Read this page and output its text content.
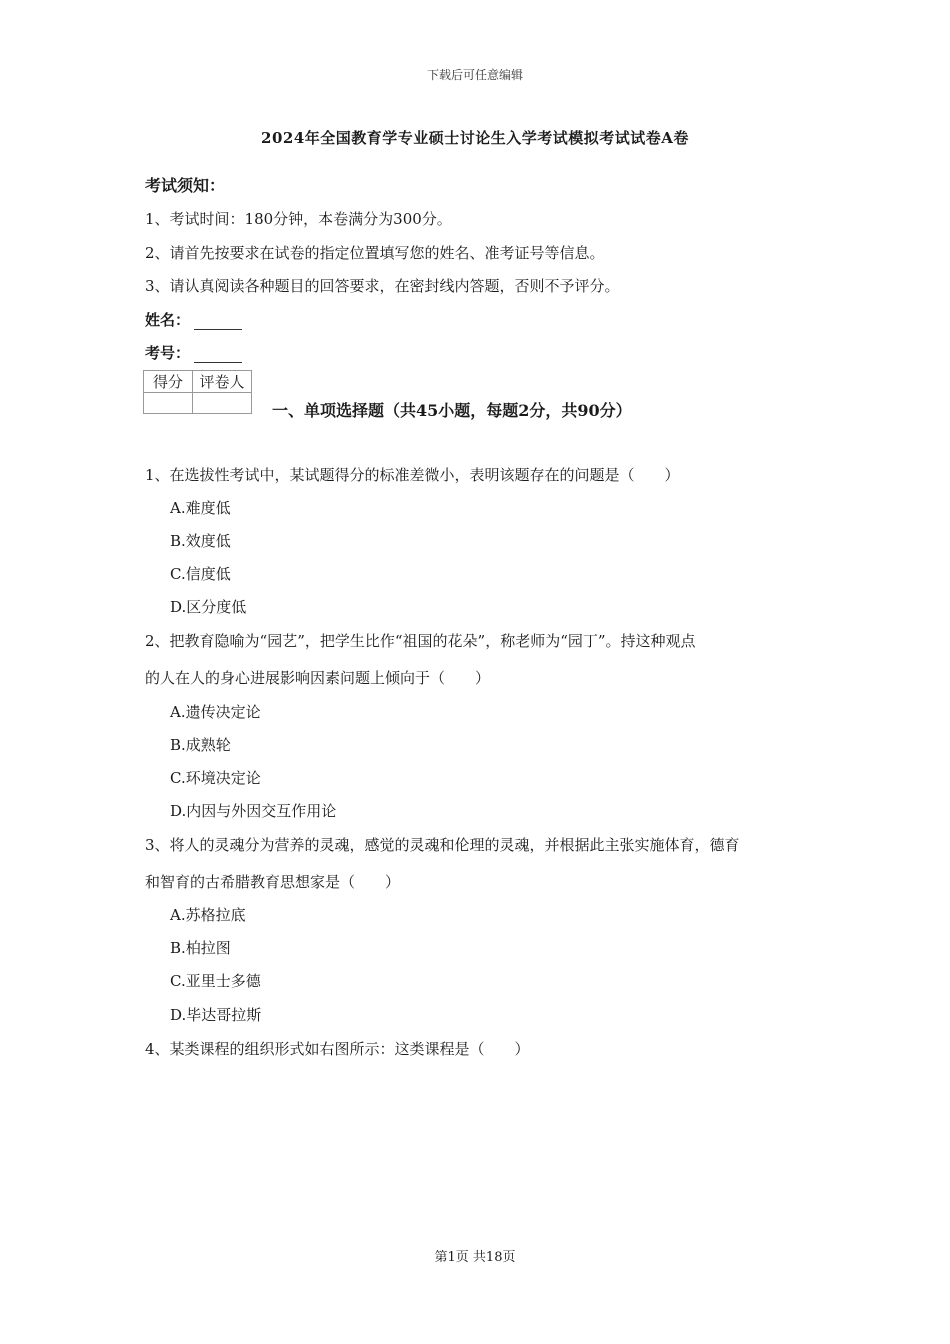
下载后可任意编辑
2024年全国教育学专业硕士讨论生入学考试模拟考试试卷A卷
考试须知：
1、考试时间：180分钟，本卷满分为300分。
2、请首先按要求在试卷的指定位置填写您的姓名、准考证号等信息。
3、请认真阅读各种题目的回答要求，在密封线内答题，否则不予评分。
姓名：
考号：
得分	评卷人

一、单项选择题（共45小题，每题2分，共90分）
1、在选拔性考试中，某试题得分的标准差微小，表明该题存在的问题是（　　）
A.难度低
B.效度低
C.信度低
D.区分度低
2、把教育隐喻为“园艺”，把学生比作“祖国的花朵”，称老师为“园丁”。持这种观点
的人在人的身心进展影响因素问题上倾向于（　　）
A.遗传决定论
B.成熟轮
C.环境决定论
D.内因与外因交互作用论
3、将人的灵魂分为营养的灵魂，感觉的灵魂和伦理的灵魂，并根据此主张实施体育，德育
和智育的古希腊教育思想家是（　　）
A.苏格拉底
B.柏拉图
C.亚里士多德
D.毕达哥拉斯
4、某类课程的组织形式如右图所示：这类课程是（　　）
第1页 共18页
